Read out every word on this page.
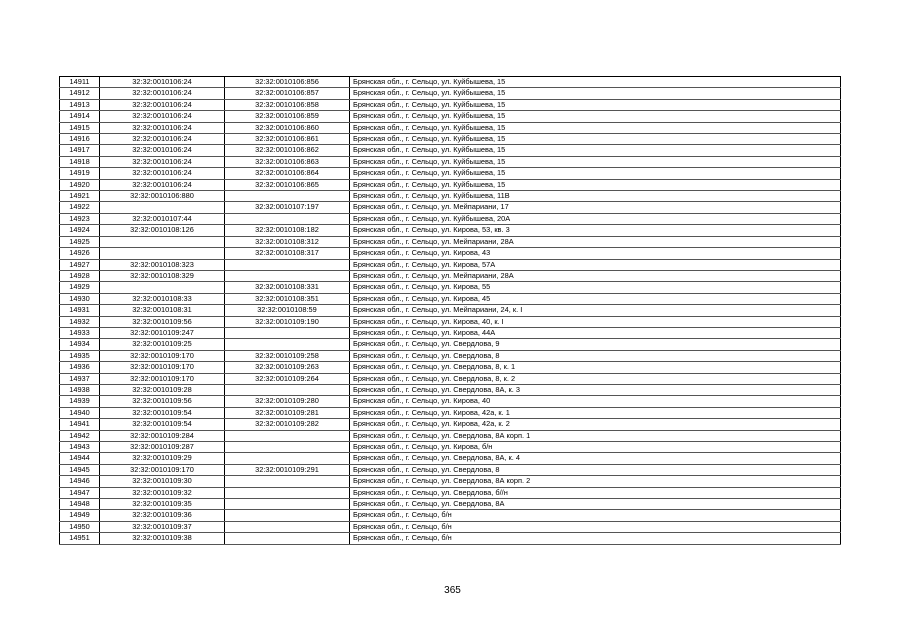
14911	32:32:0010106:24	32:32:0010106:856	Брянская обл., г. Сельцо, ул. Куйбышева, 15
14912	32:32:0010106:24	32:32:0010106:857	Брянская обл., г. Сельцо, ул. Куйбышева, 15
14913	32:32:0010106:24	32:32:0010106:858	Брянская обл., г. Сельцо, ул. Куйбышева, 15
14914	32:32:0010106:24	32:32:0010106:859	Брянская обл., г. Сельцо, ул. Куйбышева, 15
14915	32:32:0010106:24	32:32:0010106:860	Брянская обл., г. Сельцо, ул. Куйбышева, 15
14916	32:32:0010106:24	32:32:0010106:861	Брянская обл., г. Сельцо, ул. Куйбышева, 15
14917	32:32:0010106:24	32:32:0010106:862	Брянская обл., г. Сельцо, ул. Куйбышева, 15
14918	32:32:0010106:24	32:32:0010106:863	Брянская обл., г. Сельцо, ул. Куйбышева, 15
14919	32:32:0010106:24	32:32:0010106:864	Брянская обл., г. Сельцо, ул. Куйбышева, 15
14920	32:32:0010106:24	32:32:0010106:865	Брянская обл., г. Сельцо, ул. Куйбышева, 15
14921	32:32:0010106:880		Брянская обл., г. Сельцо, ул. Куйбышева, 11В
14922		32:32:0010107:197	Брянская обл., г. Сельцо, ул. Мейпариани, 17
14923	32:32:0010107:44		Брянская обл., г. Сельцо, ул. Куйбышева, 20А
14924	32:32:0010108:126	32:32:0010108:182	Брянская обл., г. Сельцо, ул. Кирова, 53, кв. 3
14925		32:32:0010108:312	Брянская обл., г. Сельцо, ул. Мейпариани, 28А
14926		32:32:0010108:317	Брянская обл., г. Сельцо, ул. Кирова, 43
14927	32:32:0010108:323		Брянская обл., г. Сельцо, ул. Кирова, 57А
14928	32:32:0010108:329		Брянская обл., г. Сельцо, ул. Мейпариани, 28А
14929		32:32:0010108:331	Брянская обл., г. Сельцо, ул. Кирова, 55
14930	32:32:0010108:33	32:32:0010108:351	Брянская обл., г. Сельцо, ул. Кирова, 45
14931	32:32:0010108:31	32:32:0010108:59	Брянская обл., г. Сельцо, ул. Мейпариани, 24, к. I
14932	32:32:0010109:56	32:32:0010109:190	Брянская обл., г. Сельцо, ул. Кирова, 40, к. I
14933	32:32:0010109:247		Брянская обл., г. Сельцо, ул. Кирова, 44А
14934	32:32:0010109:25		Брянская обл., г. Сельцо, ул. Свердлова, 9
14935	32:32:0010109:170	32:32:0010109:258	Брянская обл., г. Сельцо, ул. Свердлова, 8
14936	32:32:0010109:170	32:32:0010109:263	Брянская обл., г. Сельцо, ул. Свердлова, 8, к. 1
14937	32:32:0010109:170	32:32:0010109:264	Брянская обл., г. Сельцо, ул. Свердлова, 8, к. 2
14938	32:32:0010109:28		Брянская обл., г. Сельцо, ул. Свердлова, 8А, к. 3
14939	32:32:0010109:56	32:32:0010109:280	Брянская обл., г. Сельцо, ул. Кирова, 40
14940	32:32:0010109:54	32:32:0010109:281	Брянская обл., г. Сельцо, ул. Кирова, 42а, к. 1
14941	32:32:0010109:54	32:32:0010109:282	Брянская обл., г. Сельцо, ул. Кирова, 42а, к. 2
14942	32:32:0010109:284		Брянская обл., г. Сельцо, ул. Свердлова, 8А корп. 1
14943	32:32:0010109:287		Брянская обл., г. Сельцо, ул. Кирова, б/н
14944	32:32:0010109:29		Брянская обл., г. Сельцо, ул. Свердлова, 8А, к. 4
14945	32:32:0010109:170	32:32:0010109:291	Брянская обл., г. Сельцо, ул. Свердлова, 8
14946	32:32:0010109:30		Брянская обл., г. Сельцо, ул. Свердлова, 8А корп. 2
14947	32:32:0010109:32		Брянская обл., г. Сельцо, ул. Свердлова, б//н
14948	32:32:0010109:35		Брянская обл., г. Сельцо, ул. Свердлова, 8А
14949	32:32:0010109:36		Брянская обл., г. Сельцо, б/н
14950	32:32:0010109:37		Брянская обл., г. Сельцо, б/н
14951	32:32:0010109:38		Брянская обл., г. Сельцо, б/н
365
